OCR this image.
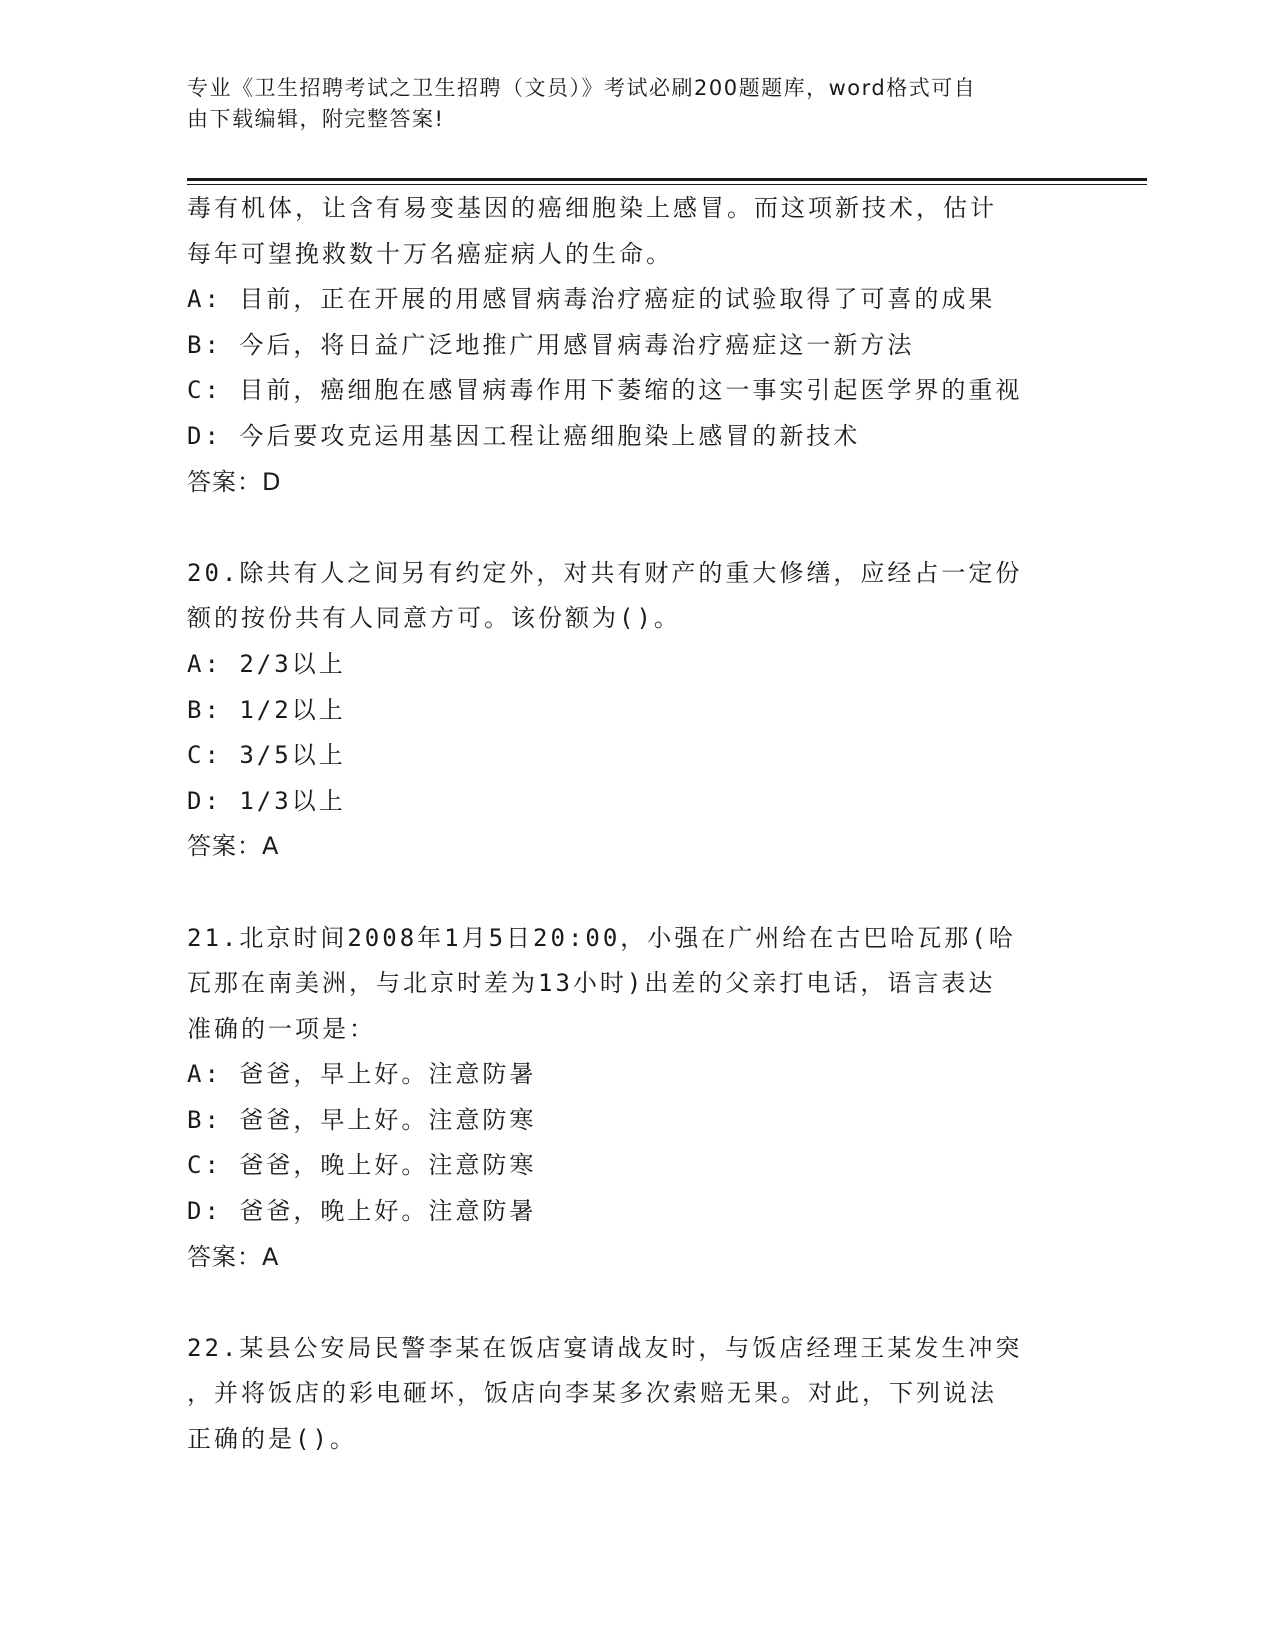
专业《卫生招聘考试之卫生招聘（文员）》考试必刷200题题库，word格式可自
由下载编辑，附完整答案!
毒有机体，让含有易变基因的癌细胞染上感冒。而这项新技术，估计
每年可望挽救数十万名癌症病人的生命。
A: 目前，正在开展的用感冒病毒治疗癌症的试验取得了可喜的成果
B: 今后，将日益广泛地推广用感冒病毒治疗癌症这一新方法
C: 目前，癌细胞在感冒病毒作用下萎缩的这一事实引起医学界的重视
D: 今后要攻克运用基因工程让癌细胞染上感冒的新技术
答案：D
20.除共有人之间另有约定外，对共有财产的重大修缮，应经占一定份
额的按份共有人同意方可。该份额为()。
A: 2/3以上
B: 1/2以上
C: 3/5以上
D: 1/3以上
答案：A
21.北京时间2008年1月5日20:00，小强在广州给在古巴哈瓦那(哈
瓦那在南美洲，与北京时差为13小时)出差的父亲打电话，语言表达
准确的一项是：
A: 爸爸，早上好。注意防暑
B: 爸爸，早上好。注意防寒
C: 爸爸，晚上好。注意防寒
D: 爸爸，晚上好。注意防暑
答案：A
22.某县公安局民警李某在饭店宴请战友时，与饭店经理王某发生冲突
，并将饭店的彩电砸坏，饭店向李某多次索赔无果。对此，下列说法
正确的是()。
